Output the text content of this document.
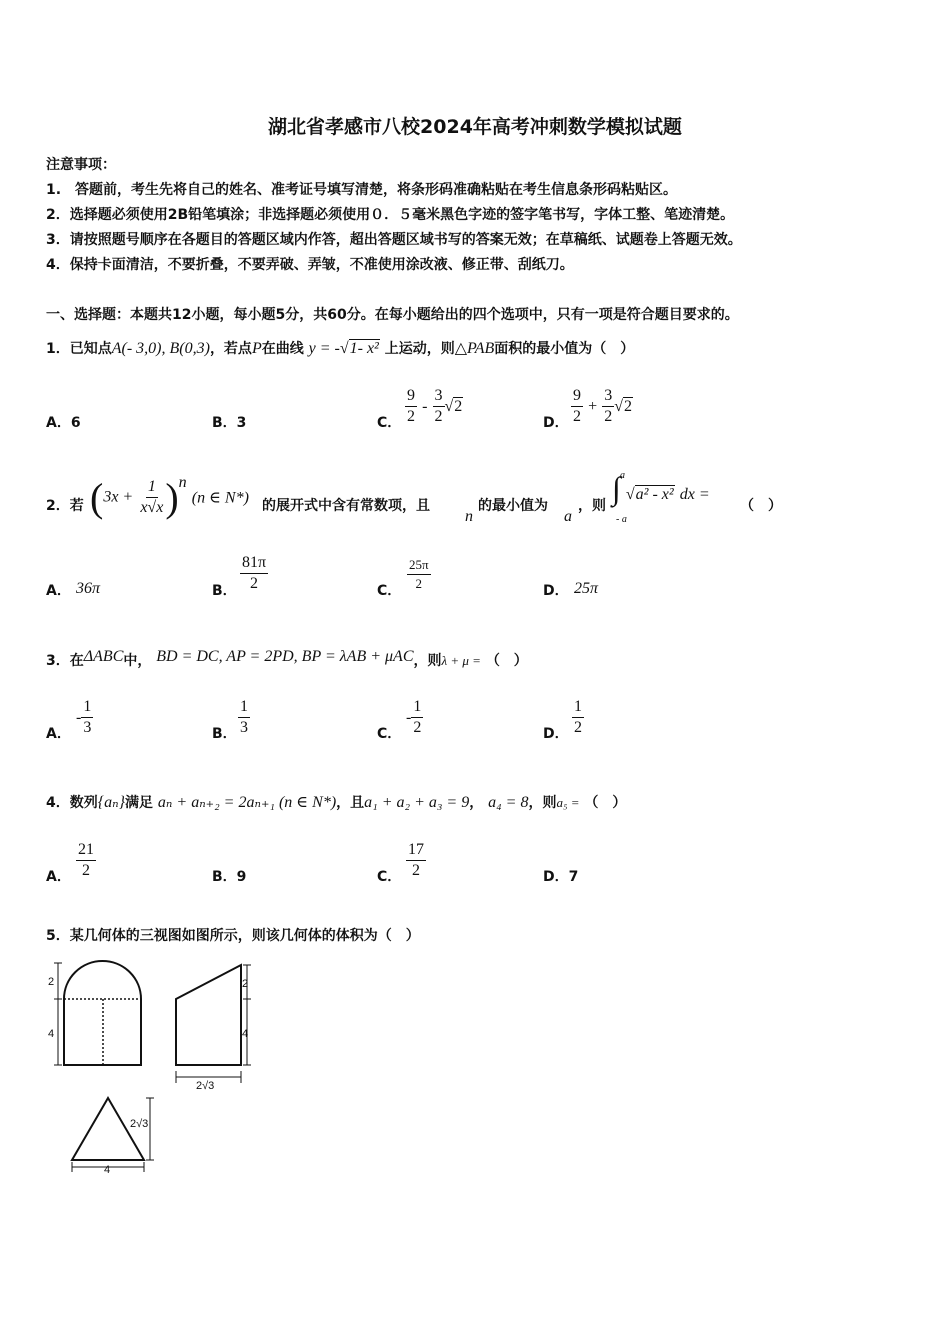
湖北省孝感市八校2024年高考冲刺数学模拟试题
注意事项：
1.　答题前，考生先将自己的姓名、准考证号填写清楚，将条形码准确粘贴在考生信息条形码粘贴区。
2．选择题必须使用2B铅笔填涂；非选择题必须使用０．５毫米黑色字迹的签字笔书写，字体工整、笔迹清楚。
3．请按照题号顺序在各题目的答题区域内作答，超出答题区域书写的答案无效；在草稿纸、试题卷上答题无效。
4．保持卡面清洁，不要折叠，不要弄破、弄皱，不准使用涂改液、修正带、刮纸刀。
一、选择题：本题共12小题，每小题5分，共60分。在每小题给出的四个选项中，只有一项是符合题目要求的。
1．已知点A(- 3,0), B(0,3)，若点P在曲线 y = -√1- x² 上运动，则△PAB面积的最小值为（　）
A．6	B．3	C． $\frac{9}{2} - \frac{3}{2} √2$
D． $\frac{9}{2} + \frac{3}{2} √2$
2．若 $(3x + \frac{1}{x√x} )^n$ (n ∈ N*) 的展开式中含有常数项，且
n
的最小值为
a
，则 ∫ a
- a
√a² - x² dx =
（　）
A． 36π	B． $\frac{81\pi}{2}$	C． $\frac{25\pi}{2}$	D． 25π
3．在ΔABC中， BD = DC, AP = 2PD, BP = λAB + μAC，则λ + μ = （　）
A．
- $\frac{1}{3}$	B． $\frac{1}{3}$	C．
- $\frac{1}{2}$	D． $\frac{1}{2}$
4．数列{aₙ}满足 aₙ + aₙ₊₂ = 2aₙ₊₁ (n ∈ N*)，且a₁ + a₂ + a₃ = 9， a₄ = 8，则a₅ = （　）
A． $\frac{21}{2}$	B．9	C． $\frac{17}{2}$	D．7
5．某几何体的三视图如图所示，则该几何体的体积为（　）
2
4
2
4
2√3
4
2√3
